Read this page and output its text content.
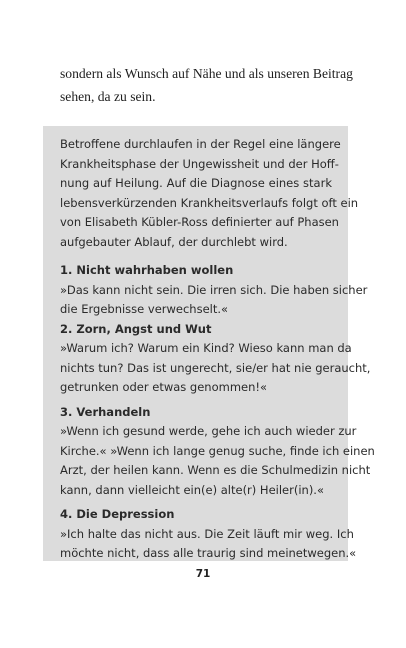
sondern als Wunsch auf Nähe und als unseren Beitrag
sehen, da zu sein.
Betroffene durchlaufen in der Regel eine längere
Krankheitsphase der Ungewissheit und der Hoff-
nung auf Heilung. Auf die Diagnose eines stark
lebensverkürzenden Krankheitsverlaufs folgt oft ein
von Elisabeth Kübler-Ross definierter auf Phasen
aufgebauter Ablauf, der durchlebt wird.
1. Nicht wahrhaben wollen
»Das kann nicht sein. Die irren sich. Die haben sicher
die Ergebnisse verwechselt.«
2. Zorn, Angst und Wut
»Warum ich? Warum ein Kind? Wieso kann man da
nichts tun? Das ist ungerecht, sie/er hat nie geraucht,
getrunken oder etwas genommen!«
3. Verhandeln
»Wenn ich gesund werde, gehe ich auch wieder zur
Kirche.« »Wenn ich lange genug suche, finde ich einen
Arzt, der heilen kann. Wenn es die Schulmedizin nicht
kann, dann vielleicht ein(e) alte(r) Heiler(in).«
4. Die Depression
»Ich halte das nicht aus. Die Zeit läuft mir weg. Ich
möchte nicht, dass alle traurig sind meinetwegen.«
71
